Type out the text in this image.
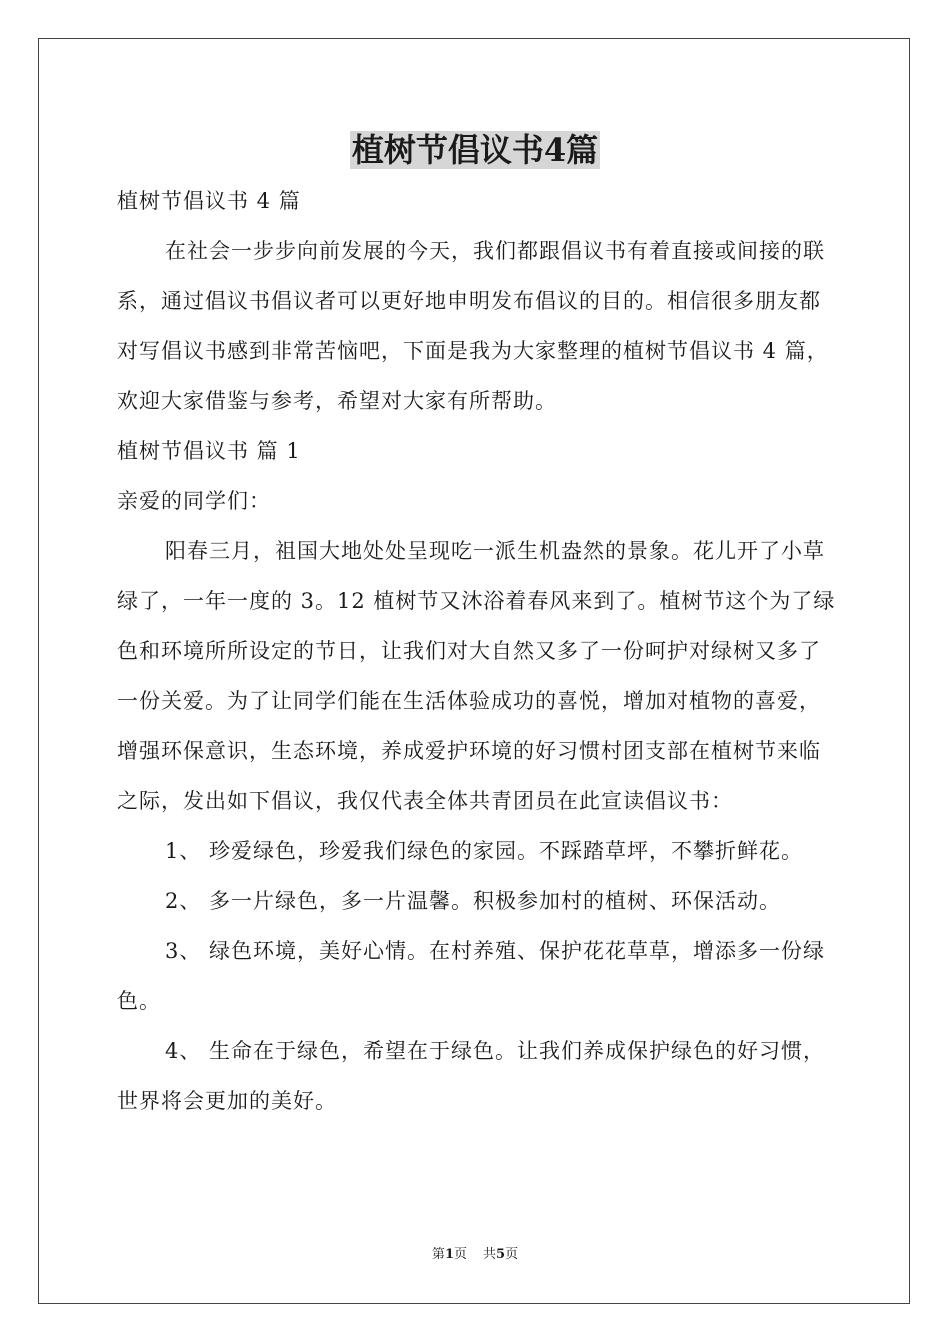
植树节倡议书4篇

植树节倡议书 4 篇

在社会一步步向前发展的今天，我们都跟倡议书有着直接或间接的联系，通过倡议书倡议者可以更好地申明发布倡议的目的。相信很多朋友都对写倡议书感到非常苦恼吧，下面是我为大家整理的植树节倡议书 4 篇，欢迎大家借鉴与参考，希望对大家有所帮助。

植树节倡议书 篇 1

亲爱的同学们：

阳春三月，祖国大地处处呈现吃一派生机盎然的景象。花儿开了小草绿了，一年一度的 3。12 植树节又沐浴着春风来到了。植树节这个为了绿色和环境所所设定的节日，让我们对大自然又多了一份呵护对绿树又多了一份关爱。为了让同学们能在生活体验成功的喜悦，增加对植物的喜爱，增强环保意识，生态环境，养成爱护环境的好习惯村团支部在植树节来临之际，发出如下倡议，我仅代表全体共青团员在此宣读倡议书：

1、 珍爱绿色，珍爱我们绿色的家园。不踩踏草坪，不攀折鲜花。

2、 多一片绿色，多一片温馨。积极参加村的植树、环保活动。

3、 绿色环境，美好心情。在村养殖、保护花花草草，增添多一份绿色。

4、 生命在于绿色，希望在于绿色。让我们养成保护绿色的好习惯，世界将会更加的美好。

第1页 共5页
